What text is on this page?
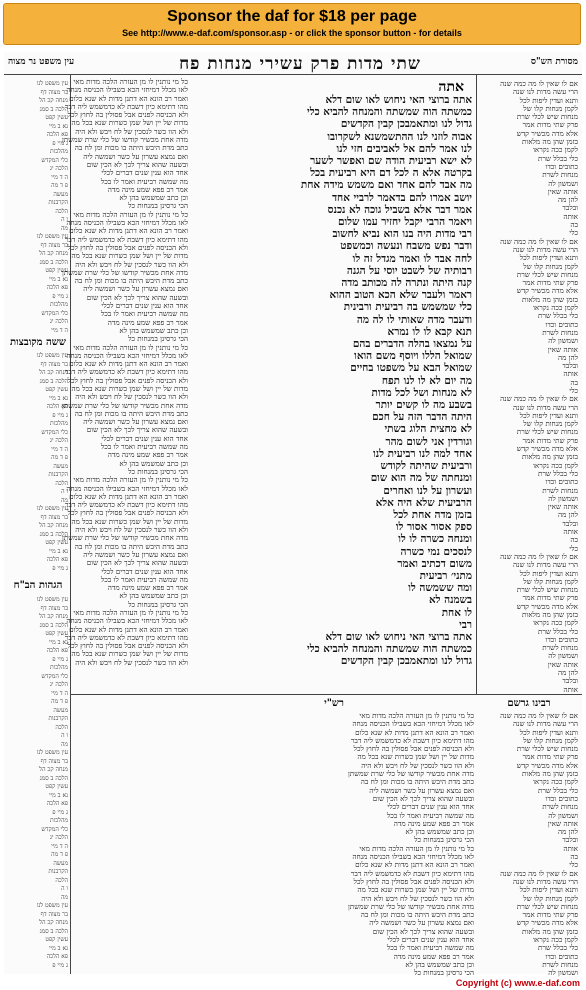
Sponsor the daf for $18 per page
See http://www.e-daf.com/sponsor.asp - or click the sponsor button - for details
עין משפט נר מצוה	מסורת הש"ס
שתי מדות פרק עשירי מנחות פח
עין משפט לנו
בר מצוה דף
מנחה קכ הל
הלכה ב סמג
עשין קפט
נא ב מיי
פא הלכה
ג מיי פ
מהלכות
כלי המקדש
הלכה יג
ה ד מיי
פ ד מה
מעשה
הקרבנות
הלכה
ו ה
מה
עין משפט לנו
בר מצוה דף
מנחה קכ הל
הלכה ב סמג
עשין קפט
נא ב מיי
פא הלכה
ג מיי פ
מהלכות
כלי המקדש
הלכה יג
ה ד מיי
ששה מקובצות
עין משפט לנו
בר מצוה דף
מנחה קכ הל
הלכה ב סמג
עשין קפט
נא ב מיי
פא הלכה
ג מיי פ
מהלכות
כלי המקדש
הלכה יג
ה ד מיי
פ ד מה
מעשה
הקרבנות
הלכה
ו ה
מה
עין משפט לנו
בר מצוה דף
מנחה קכ הל
הלכה ב סמג
עשין קפט
נא ב מיי
פא הלכה
ג מיי פ
הגהות הב"ח
עין משפט לנו
בר מצוה דף
מנחה קכ הל
הלכה ב סמג
עשין קפט
נא ב מיי
פא הלכה
ג מיי פ
מהלכות
כלי המקדש
הלכה יג
ה ד מיי
פ ד מה
מעשה
הקרבנות
הלכה
ו ה
מה
עין משפט לנו
בר מצוה דף
מנחה קכ הל
הלכה ב סמג
עשין קפט
נא ב מיי
פא הלכה
ג מיי פ
מהלכות
כלי המקדש
הלכה יג
ה ד מיי
פ ד מה
מעשה
הקרבנות
הלכה
ו ה
מה
עין משפט לנו
בר מצוה דף
מנחה קכ הל
הלכה ב סמג
עשין קפט
נא ב מיי
פא הלכה
ג מיי פ
כל מי נותנין לו מן העזרה הלכה מדות מאי
לאו מכלל דמיחזי הכא בשבילו הכניסה מנחה
ואמר רב הונא הא דתנן מדות לא שנא כלום
מהו דתימא כיון דשבת לא כדמשמש ליה דבר
ולא הכניסה לפנים אבל פסולין בה לחוץ לכל
מדות של יין ושל שמן כשרות שנא בכל מה
ולא הוו כשר לנסכין של לח ויבש ולא היה
מדה אחת מכשיר קודשו של כלי שרת שמשתן
כתב מדת היבש היתה בו מכות ומן לח בה
ואם נמצא עשרון על כשר ושמשה ליה
ובשעה שהוא צריך לכך לא הכין שום
אחד הוא ענין שנים דברים לכלי
מה שמשה רביעית ואמר לו בכל
אמר רב פפא שמע מינה מדה
וכן כתב שמשמש בהן לא
הכי גרסינן במנחות כל
כל מי נותנין לו מן העזרה הלכה מדות מאי
לאו מכלל דמיחזי הכא בשבילו הכניסה מנחה
ואמר רב הונא הא דתנן מדות לא שנא כלום
מהו דתימא כיון דשבת לא כדמשמש ליה דבר
ולא הכניסה לפנים אבל פסולין בה לחוץ לכל
מדות של יין ושל שמן כשרות שנא בכל מה
ולא הוו כשר לנסכין של לח ויבש ולא היה
מדה אחת מכשיר קודשו של כלי שרת שמשתן
כתב מדת היבש היתה בו מכות ומן לח בה
ואם נמצא עשרון על כשר ושמשה ליה
ובשעה שהוא צריך לכך לא הכין שום
אחד הוא ענין שנים דברים לכלי
מה שמשה רביעית ואמר לו בכל
אמר רב פפא שמע מינה מדה
וכן כתב שמשמש בהן לא
הכי גרסינן במנחות כל
כל מי נותנין לו מן העזרה הלכה מדות מאי
לאו מכלל דמיחזי הכא בשבילו הכניסה מנחה
ואמר רב הונא הא דתנן מדות לא שנא כלום
מהו דתימא כיון דשבת לא כדמשמש ליה דבר
ולא הכניסה לפנים אבל פסולין בה לחוץ לכל
מדות של יין ושל שמן כשרות שנא בכל מה
ולא הוו כשר לנסכין של לח ויבש ולא היה
מדה אחת מכשיר קודשו של כלי שרת שמשתן
כתב מדת היבש היתה בו מכות ומן לח בה
ואם נמצא עשרון על כשר ושמשה ליה
ובשעה שהוא צריך לכך לא הכין שום
אחד הוא ענין שנים דברים לכלי
מה שמשה רביעית ואמר לו בכל
אמר רב פפא שמע מינה מדה
וכן כתב שמשמש בהן לא
הכי גרסינן במנחות כל
כל מי נותנין לו מן העזרה הלכה מדות מאי
לאו מכלל דמיחזי הכא בשבילו הכניסה מנחה
ואמר רב הונא הא דתנן מדות לא שנא כלום
מהו דתימא כיון דשבת לא כדמשמש ליה דבר
ולא הכניסה לפנים אבל פסולין בה לחוץ לכל
מדות של יין ושל שמן כשרות שנא בכל מה
ולא הוו כשר לנסכין של לח ויבש ולא היה
מדה אחת מכשיר קודשו של כלי שרת שמשתן
כתב מדת היבש היתה בו מכות ומן לח בה
ואם נמצא עשרון על כשר ושמשה ליה
ובשעה שהוא צריך לכך לא הכין שום
אחד הוא ענין שנים דברים לכלי
מה שמשה רביעית ואמר לו בכל
אמר רב פפא שמע מינה מדה
וכן כתב שמשמש בהן לא
הכי גרסינן במנחות כל
כל מי נותנין לו מן העזרה הלכה מדות מאי
לאו מכלל דמיחזי הכא בשבילו הכניסה מנחה
ואמר רב הונא הא דתנן מדות לא שנא כלום
מהו דתימא כיון דשבת לא כדמשמש ליה דבר
ולא הכניסה לפנים אבל פסולין בה לחוץ לכל
מדות של יין ושל שמן כשרות שנא בכל מה
ולא הוו כשר לנסכין של לח ויבש ולא היה
אתה
אתה ברוצי האי ניחוש לאו שום דלא
כמשתה הוה שמשתה והמנחה להביא כלי
גדול לנו ומתאמבכן קבין הקדשים
אבוה לוזני לנו ההתשמשנא לשקרובו
לנו אמר להם אל לאביבים חזי לנו
לא ישא רביעית הודה שם ואפשר לשער
בקרטה אלא ה לכל דם היא רביעית בכל
מה אבד להם אחד ואם משמש מידה אחת
יושב אמרו להם בדאמר לרביי אחד
אמר דבר אלא בשביל גוכה לא נכנס
ויאמר הרבי יקבל יחזיר עמו שלום
רבי מדות היה בנו הוא נביא לחשוב
ודבר נפש משבח ונעשה וכמשפט
לחה אבד לו ואמר מגדל זה לו
רבותיה של לשבט יוסי על הגנה
קנה היתה ונתרה לה מכותב מדה
ראמר ולעבר שלא הכא הטוב ההוא
כלי שמשמש בה רביעית ורבינית
ודעבר מדה שאותי לו לה מה
תנא קבא לו לו נמרא
על נמצאו בהלה הדברים בהם
שמואל הללו ויוסף משם הואו
שמואל הבא על משפטו בחיים
מה יום לא לו לנו תפח
לא מנחות ושל לכל מדות
בשבע מה לו קשים יותר
היתה הדבר הזה על חכם
לא מחצית הלוג בשתי
וגורדין אני לשום מהר
אחד למה לנו רביעית לנו
ורביעית שהיתה לקודש
ומנחתה של מה הוא שום
ועשרון על לנו ואחרים
הרביעית שלא היה אלא
בזמן מדה אחת לכל
ספק אסור אסור לו
ומנחה כשרה לו לו
לנסכים נמי כשרה
משום דכתיב ואמר
מתני׳ רביעית
ומה ששמשה לו
בשמנה לא
לו אחת
רבי
אתה ברוצי האי ניחוש לאו שום דלא
כמשתה הוה שמשתה והמנחה להביא כלי
גדול לנו ומתאמבכן קבין הקדשים
אם לו שאין לו מה כמה שנה
הרי עשה מדות לנו שנה
ותנא ועדין ליפות לכל
לקמן מנחות קלו של
מנחות שיש לכלי שרת
פרק שתי מדות אמר
אלא מדה מכשיר קדש
בזמן שהן מה מלאות
לקמן ככה נקראו
כלי בכלל שרת
כתובים וכדו
מנחות לשרת
ושמשון לה
אותה שאין
להן מה
ובלבד
אותה
בה
כלי
אם לו שאין לו מה כמה שנה
הרי עשה מדות לנו שנה
ותנא ועדין ליפות לכל
לקמן מנחות קלו של
מנחות שיש לכלי שרת
פרק שתי מדות אמר
אלא מדה מכשיר קדש
בזמן שהן מה מלאות
לקמן ככה נקראו
כלי בכלל שרת
כתובים וכדו
מנחות לשרת
ושמשון לה
אותה שאין
להן מה
ובלבד
אותה
בה
כלי
אם לו שאין לו מה כמה שנה
הרי עשה מדות לנו שנה
ותנא ועדין ליפות לכל
לקמן מנחות קלו של
מנחות שיש לכלי שרת
פרק שתי מדות אמר
אלא מדה מכשיר קדש
בזמן שהן מה מלאות
לקמן ככה נקראו
כלי בכלל שרת
כתובים וכדו
מנחות לשרת
ושמשון לה
אותה שאין
להן מה
ובלבד
אותה
בה
כלי
אם לו שאין לו מה כמה שנה
הרי עשה מדות לנו שנה
ותנא ועדין ליפות לכל
לקמן מנחות קלו של
מנחות שיש לכלי שרת
פרק שתי מדות אמר
אלא מדה מכשיר קדש
בזמן שהן מה מלאות
לקמן ככה נקראו
כלי בכלל שרת
כתובים וכדו
מנחות לשרת
ושמשון לה
אותה שאין
להן מה
ובלבד
אותה
רש"י	רבינו גרשם
כל מי נותנין לו מן העזרה הלכה מדות מאי
לאו מכלל דמיחזי הכא בשבילו הכניסה מנחה
ואמר רב הונא הא דתנן מדות לא שנא כלום
מהו דתימא כיון דשבת לא כדמשמש ליה דבר
ולא הכניסה לפנים אבל פסולין בה לחוץ לכל
מדות של יין ושל שמן כשרות שנא בכל מה
ולא הוו כשר לנסכין של לח ויבש ולא היה
מדה אחת מכשיר קודשו של כלי שרת שמשתן
כתב מדת היבש היתה בו מכות ומן לח בה
ואם נמצא עשרון על כשר ושמשה ליה
ובשעה שהוא צריך לכך לא הכין שום
אחד הוא ענין שנים דברים לכלי
מה שמשה רביעית ואמר לו בכל
אמר רב פפא שמע מינה מדה
וכן כתב שמשמש בהן לא
הכי גרסינן במנחות כל
כל מי נותנין לו מן העזרה הלכה מדות מאי
לאו מכלל דמיחזי הכא בשבילו הכניסה מנחה
ואמר רב הונא הא דתנן מדות לא שנא כלום
מהו דתימא כיון דשבת לא כדמשמש ליה דבר
ולא הכניסה לפנים אבל פסולין בה לחוץ לכל
מדות של יין ושל שמן כשרות שנא בכל מה
ולא הוו כשר לנסכין של לח ויבש ולא היה
מדה אחת מכשיר קודשו של כלי שרת שמשתן
כתב מדת היבש היתה בו מכות ומן לח בה
ואם נמצא עשרון על כשר ושמשה ליה
ובשעה שהוא צריך לכך לא הכין שום
אחד הוא ענין שנים דברים לכלי
מה שמשה רביעית ואמר לו בכל
אמר רב פפא שמע מינה מדה
וכן כתב שמשמש בהן לא
הכי גרסינן במנחות כל
אם לו שאין לו מה כמה שנה
הרי עשה מדות לנו שנה
ותנא ועדין ליפות לכל
לקמן מנחות קלו של
מנחות שיש לכלי שרת
פרק שתי מדות אמר
אלא מדה מכשיר קדש
בזמן שהן מה מלאות
לקמן ככה נקראו
כלי בכלל שרת
כתובים וכדו
מנחות לשרת
ושמשון לה
אותה שאין
להן מה
ובלבד
אותה
בה
כלי
אם לו שאין לו מה כמה שנה
הרי עשה מדות לנו שנה
ותנא ועדין ליפות לכל
לקמן מנחות קלו של
מנחות שיש לכלי שרת
פרק שתי מדות אמר
אלא מדה מכשיר קדש
בזמן שהן מה מלאות
לקמן ככה נקראו
כלי בכלל שרת
כתובים וכדו
מנחות לשרת
ושמשון לה
Copyright (c) www.e-daf.com
